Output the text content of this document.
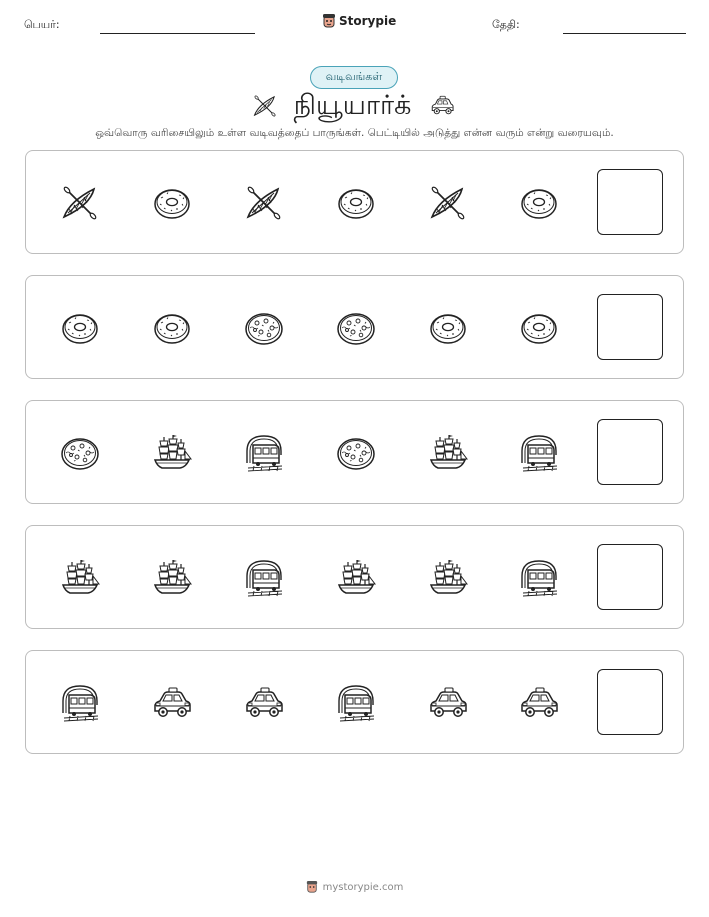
பெயர்:	Storypie	தேதி:
வடிவங்கள்
நியூயார்க்
ஒவ்வொரு வரிசையிலும் உள்ள வடிவத்தைப் பாருங்கள். பெட்டியில் அடுத்து என்ன வரும் என்று வரையவும்.
mystorypie.com
